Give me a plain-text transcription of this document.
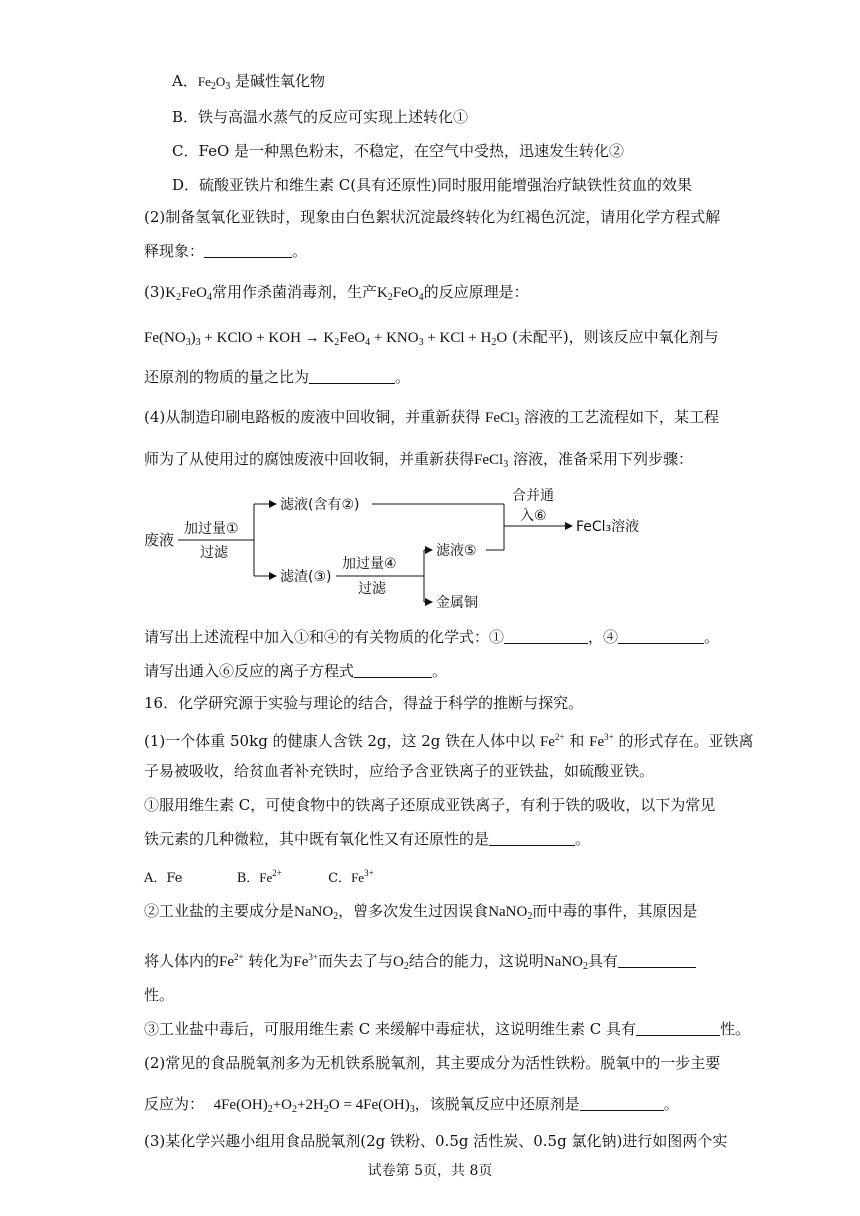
A．$Fe_2O_3$ 是碱性氧化物
B．铁与高温水蒸气的反应可实现上述转化①
C．FeO 是一种黑色粉末，不稳定，在空气中受热，迅速发生转化②
D．硫酸亚铁片和维生素 C(具有还原性)同时服用能增强治疗缺铁性贫血的效果
(2)制备氢氧化亚铁时，现象由白色絮状沉淀最终转化为红褐色沉淀，请用化学方程式解
释现象：	。
$(3)K_2FeO_4$常用作杀菌消毒剂，生产$K_2FeO_4$的反应原理是：
$Fe(NO_3)_3$ + KClO + KOH → $K_2FeO_4 + KNO_3$ + KCl + $H_2O$ (未配平)，则该反应中氧化剂与
还原剂的物质的量之比为	。
(4)从制造印刷电路板的废液中回收铜，并重新获得 FeCl$_3$ 溶液的工艺流程如下，某工程
师为了从使用过的腐蚀废液中回收铜，并重新获得FeCl$_3$ 溶液，准备采用下列步骤：
废液
加过量①
过滤
滤液(含有②)
滤渣(③)
加过量④
过滤
滤液⑤
金属铜
合并通
入⑥
FeCl₃溶液
请写出上述流程中加入①和④的有关物质的化学式：①	，④	。
请写出通入⑥反应的离子方程式	。
16．化学研究源于实验与理论的结合，得益于科学的推断与探究。
(1)一个体重 50kg 的健康人含铁 2g，这 2g 铁在人体中以 $Fe^{2+}$ 和 $Fe^{3+}$ 的形式存在。亚铁离
子易被吸收，给贫血者补充铁时，应给予含亚铁离子的亚铁盐，如硫酸亚铁。
①服用维生素 C，可使食物中的铁离子还原成亚铁离子，有利于铁的吸收，以下为常见
铁元素的几种微粒，其中既有氧化性又有还原性的是	。
A．Fe	B．$Fe^{2+}$	C．$Fe^{3+}$
②工业盐的主要成分是NaNO$_2$，曾多次发生过因误食NaNO$_2$而中毒的事件，其原因是
将人体内的$Fe^{2+}$ 转化为$Fe^{3+}$而失去了与$O_2$结合的能力，这说明NaNO$_2$具有
性。
③工业盐中毒后，可服用维生素 C 来缓解中毒症状，这说明维生素 C 具有	性。
(2)常见的食品脱氧剂多为无机铁系脱氧剂，其主要成分为活性铁粉。脱氧中的一步主要
反应为： $4Fe(OH)_2+O_2+2H_2O = 4Fe(OH)_3$，该脱氧反应中还原剂是	。
(3)某化学兴趣小组用食品脱氧剂(2g 铁粉、0.5g 活性炭、0.5g 氯化钠)进行如图两个实
试卷第 5页，共 8页
